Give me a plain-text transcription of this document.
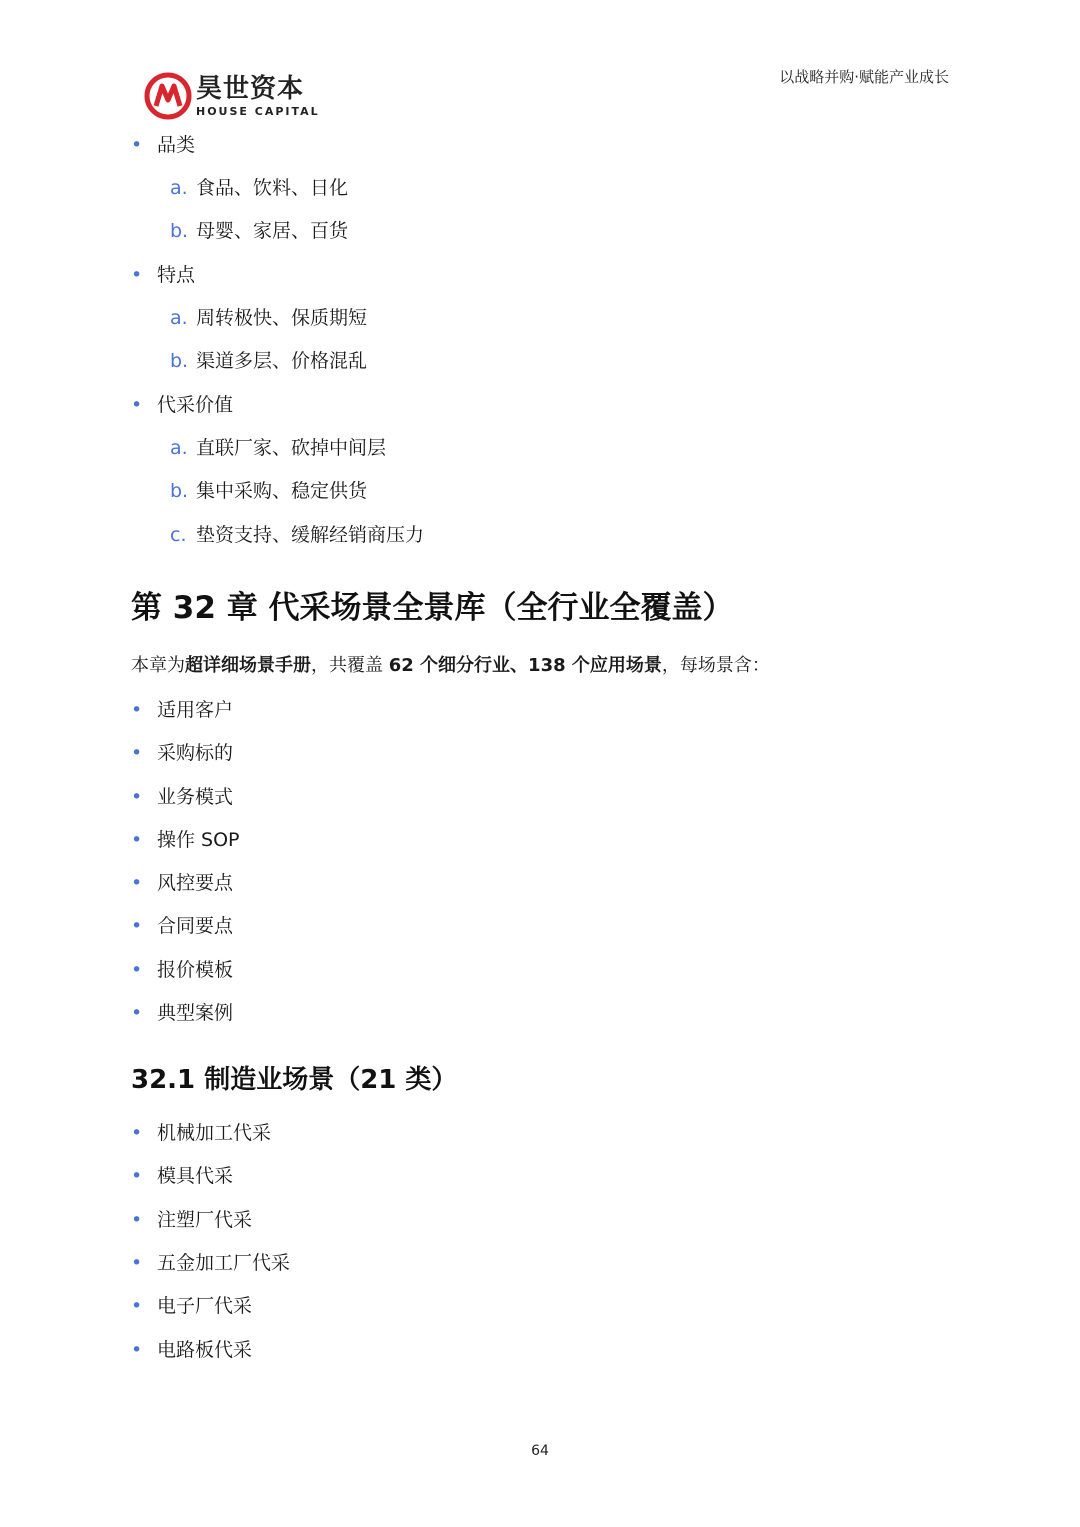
昊世资本
HOUSE CAPITAL
以战略并购·赋能产业成长
• 品类
a. 食品、饮料、日化
b. 母婴、家居、百货
• 特点
a. 周转极快、保质期短
b. 渠道多层、价格混乱
• 代采价值
a. 直联厂家、砍掉中间层
b. 集中采购、稳定供货
c. 垫资支持、缓解经销商压力
第 32 章 代采场景全景库（全行业全覆盖）
本章为超详细场景手册，共覆盖 62 个细分行业、138 个应用场景，每场景含：
• 适用客户
• 采购标的
• 业务模式
• 操作 SOP
• 风控要点
• 合同要点
• 报价模板
• 典型案例
32.1 制造业场景（21 类）
• 机械加工代采
• 模具代采
• 注塑厂代采
• 五金加工厂代采
• 电子厂代采
• 电路板代采
64
